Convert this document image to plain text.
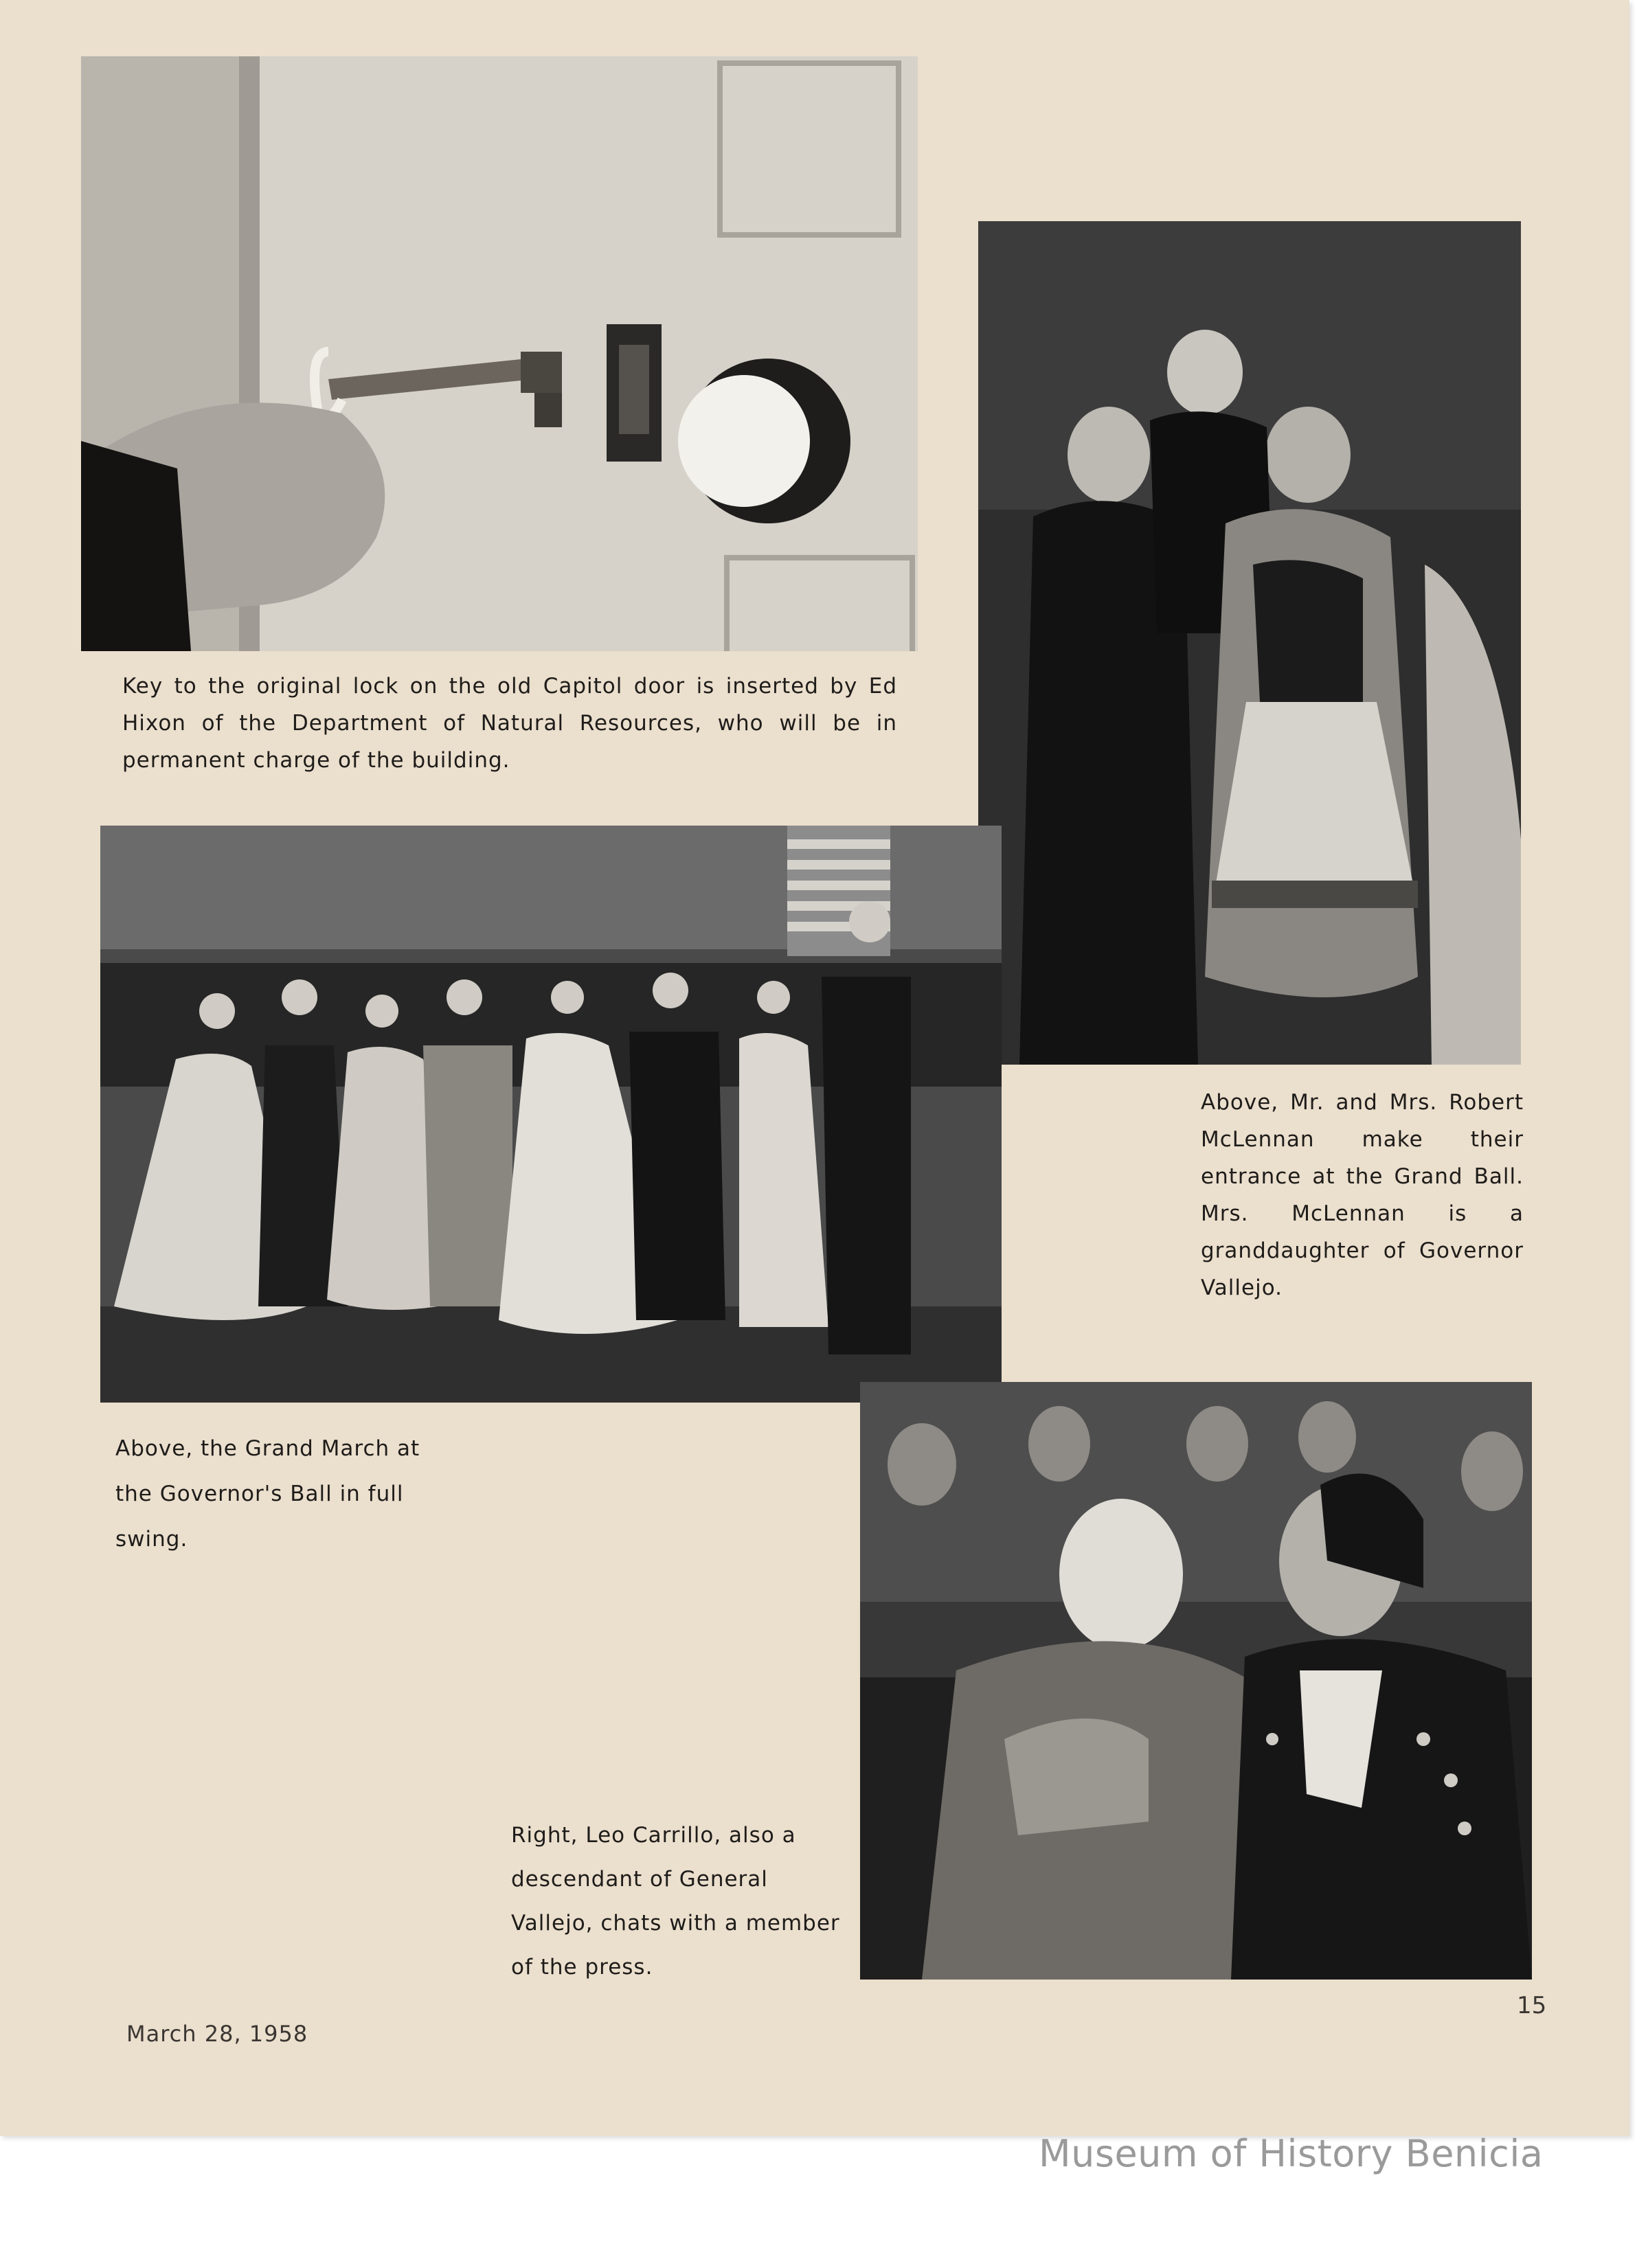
Key to the original lock on the old Capitol door is inserted by Ed Hixon of the Department of Natural Resources, who will be in permanent charge of the building.

Above, Mr. and Mrs. Robert McLennan make their entrance at the Grand Ball. Mrs. McLennan is a granddaughter of Governor Vallejo.

Above, the Grand March at the Governor's Ball in full swing.

Right, Leo Carrillo, also a descendant of General Vallejo, chats with a member of the press.

March 28, 1958
15
Museum of History Benicia
